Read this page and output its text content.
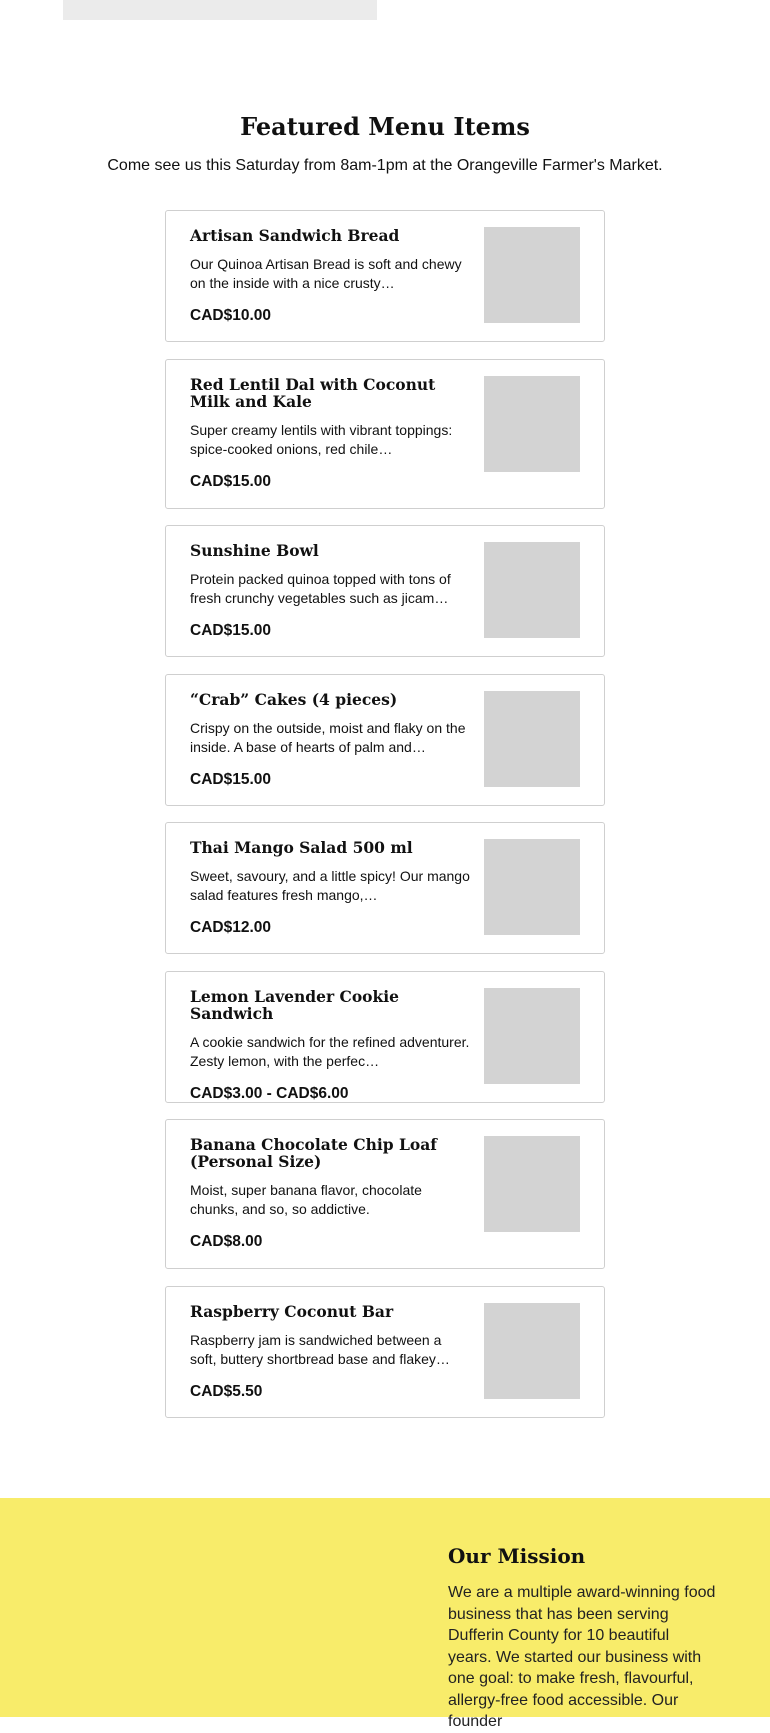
Featured Menu Items

Come see us this Saturday from 8am-1pm at the Orangeville Farmer's Market.

Artisan Sandwich Bread

Our Quinoa Artisan Bread is soft and chewy on the inside with a nice crusty…

CAD$10.00

Red Lentil Dal with Coconut Milk and Kale

Super creamy lentils with vibrant toppings: spice-cooked onions, red chile…

CAD$15.00

Sunshine Bowl

Protein packed quinoa topped with tons of fresh crunchy vegetables such as jicam…

CAD$15.00

“Crab” Cakes (4 pieces)

Crispy on the outside, moist and flaky on the inside. A base of hearts of palm and…

CAD$15.00

Thai Mango Salad 500 ml

Sweet, savoury, and a little spicy! Our mango salad features fresh mango,…

CAD$12.00

Lemon Lavender Cookie Sandwich

A cookie sandwich for the refined adventurer. Zesty lemon, with the perfec…

CAD$3.00 - CAD$6.00

Banana Chocolate Chip Loaf (Personal Size)

Moist, super banana flavor, chocolate chunks, and so, so addictive.

CAD$8.00

Raspberry Coconut Bar

Raspberry jam is sandwiched between a soft, buttery shortbread base and flakey…

CAD$5.50

Our Mission

We are a multiple award-winning food business that has been serving Dufferin County for 10 beautiful years. We started our business with one goal: to make fresh, flavourful, allergy-free food accessible. Our founder
